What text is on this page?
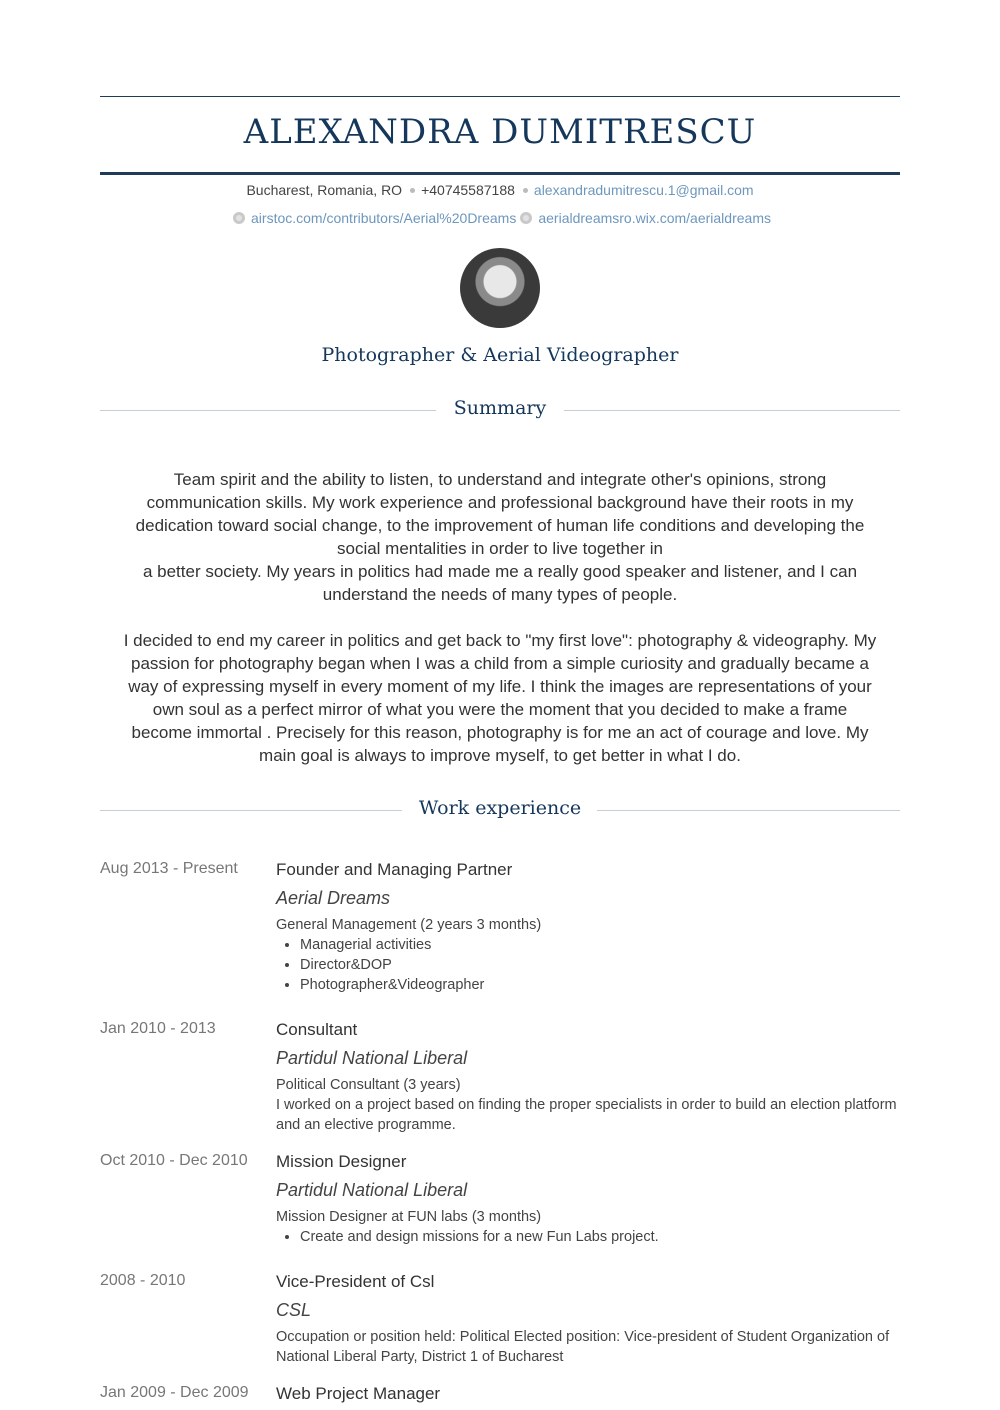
ALEXANDRA DUMITRESCU
Bucharest, Romania, RO +40745587188 alexandradumitrescu.1@gmail.com
airstoc.com/contributors/Aerial%20Dreams aerialdreamsro.wix.com/aerialdreams
Photographer & Aerial Videographer
Summary
Team spirit and the ability to listen, to understand and integrate other's opinions, strong
communication skills. My work experience and professional background have their roots in my
dedication toward social change, to the improvement of human life conditions and developing the
social mentalities in order to live together in
a better society. My years in politics had made me a really good speaker and listener, and I can
understand the needs of many types of people.
I decided to end my career in politics and get back to "my first love": photography & videography. My
passion for photography began when I was a child from a simple curiosity and gradually became a
way of expressing myself in every moment of my life. I think the images are representations of your
own soul as a perfect mirror of what you were the moment that you decided to make a frame
become immortal . Precisely for this reason, photography is for me an act of courage and love. My
main goal is always to improve myself, to get better in what I do.
Work experience
Aug 2013 - Present	Founder and Managing Partner
Aerial Dreams
General Management (2 years 3 months)
• Managerial activities
• Director&DOP
• Photographer&Videographer
Jan 2010 - 2013	Consultant
Partidul National Liberal
Political Consultant (3 years)
I worked on a project based on finding the proper specialists in order to build an election platform and an elective programme.
Oct 2010 - Dec 2010	Mission Designer
Partidul National Liberal
Mission Designer at FUN labs (3 months)
• Create and design missions for a new Fun Labs project.
2008 - 2010	Vice-President of Csl
CSL
Occupation or position held: Political Elected position: Vice-president of Student Organization of National Liberal Party, District 1 of Bucharest
Jan 2009 - Dec 2009	Web Project Manager
